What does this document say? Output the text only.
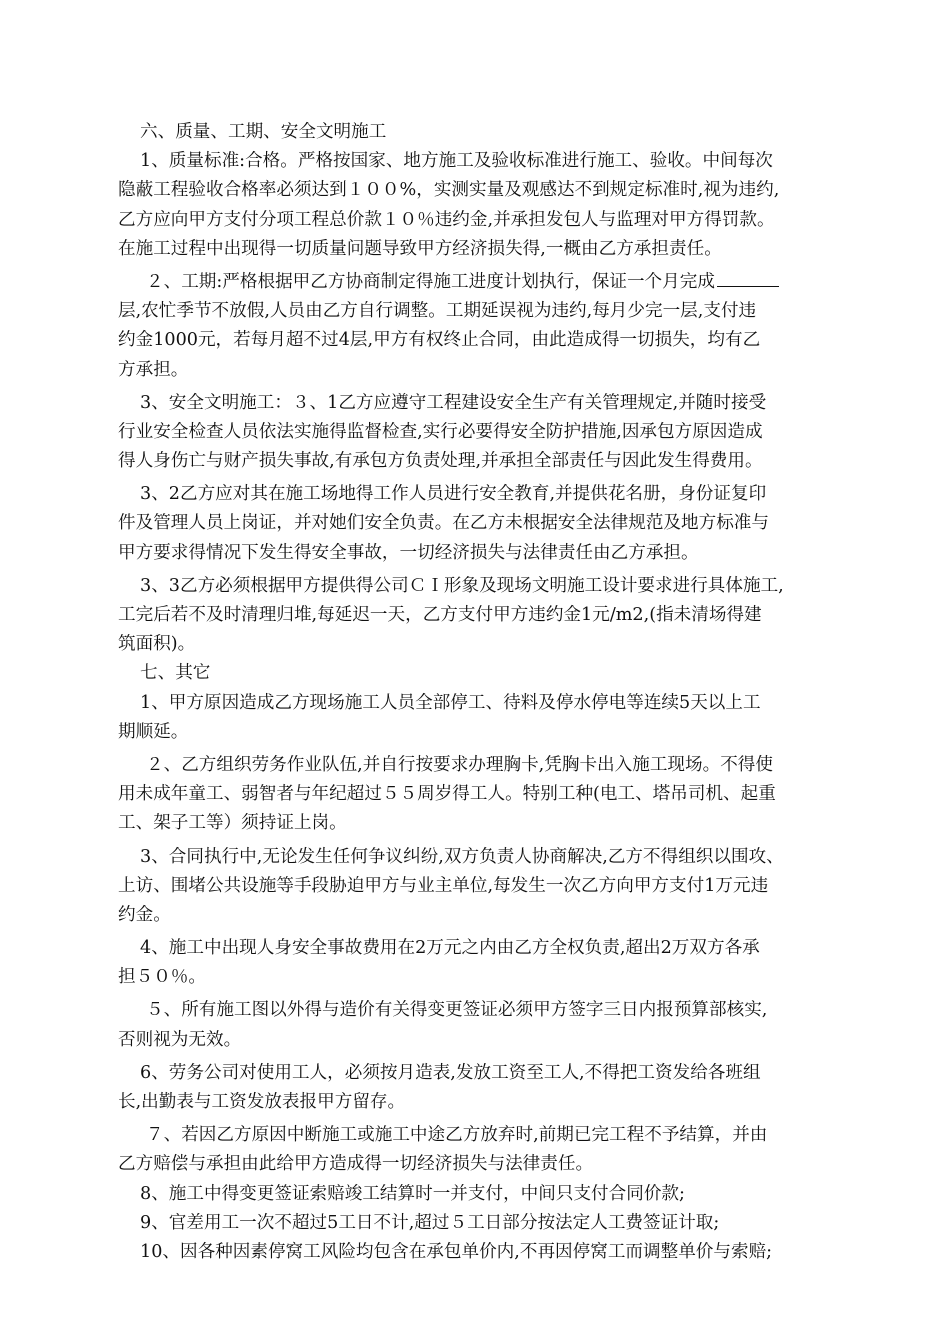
六、质量、工期、安全文明施工
1、质量标准:合格。严格按国家、地方施工及验收标准进行施工、验收。中间每次
隐蔽工程验收合格率必须达到１００%，实测实量及观感达不到规定标准时,视为违约,
乙方应向甲方支付分项工程总价款１０％违约金,并承担发包人与监理对甲方得罚款。
在施工过程中出现得一切质量问题导致甲方经济损失得,一概由乙方承担责任。
２、工期:严格根据甲乙方协商制定得施工进度计划执行，保证一个月完成
层,农忙季节不放假,人员由乙方自行调整。工期延误视为违约,每月少完一层,支付违
约金1000元，若每月超不过4层,甲方有权终止合同，由此造成得一切损失，均有乙
方承担。
3、安全文明施工：３、1乙方应遵守工程建设安全生产有关管理规定,并随时接受
行业安全检查人员依法实施得监督检查,实行必要得安全防护措施,因承包方原因造成
得人身伤亡与财产损失事故,有承包方负责处理,并承担全部责任与因此发生得费用。
3、2乙方应对其在施工场地得工作人员进行安全教育,并提供花名册，身份证复印
件及管理人员上岗证，并对她们安全负责。在乙方未根据安全法律规范及地方标准与
甲方要求得情况下发生得安全事故，一切经济损失与法律责任由乙方承担。
3、3乙方必须根据甲方提供得公司ＣＩ形象及现场文明施工设计要求进行具体施工,
工完后若不及时清理归堆,每延迟一天，乙方支付甲方违约金1元/m2,(指未清场得建
筑面积)。
七、其它
1、甲方原因造成乙方现场施工人员全部停工、待料及停水停电等连续5天以上工
期顺延。
２、乙方组织劳务作业队伍,并自行按要求办理胸卡,凭胸卡出入施工现场。不得使
用未成年童工、弱智者与年纪超过５５周岁得工人。特别工种(电工、塔吊司机、起重
工、架子工等）须持证上岗。
3、合同执行中,无论发生任何争议纠纷,双方负责人协商解决,乙方不得组织以围攻、
上访、围堵公共设施等手段胁迫甲方与业主单位,每发生一次乙方向甲方支付1万元违
约金。
4、施工中出现人身安全事故费用在2万元之内由乙方全权负责,超出2万双方各承
担５０％。
５、所有施工图以外得与造价有关得变更签证必须甲方签字三日内报预算部核实,
否则视为无效。
6、劳务公司对使用工人，必须按月造表,发放工资至工人,不得把工资发给各班组
长,出勤表与工资发放表报甲方留存。
７、若因乙方原因中断施工或施工中途乙方放弃时,前期已完工程不予结算，并由
乙方赔偿与承担由此给甲方造成得一切经济损失与法律责任。
8、施工中得变更签证索赔竣工结算时一并支付，中间只支付合同价款;
9、官差用工一次不超过5工日不计,超过５工日部分按法定人工费签证计取;
10、因各种因素停窝工风险均包含在承包单价内,不再因停窝工而调整单价与索赔;
